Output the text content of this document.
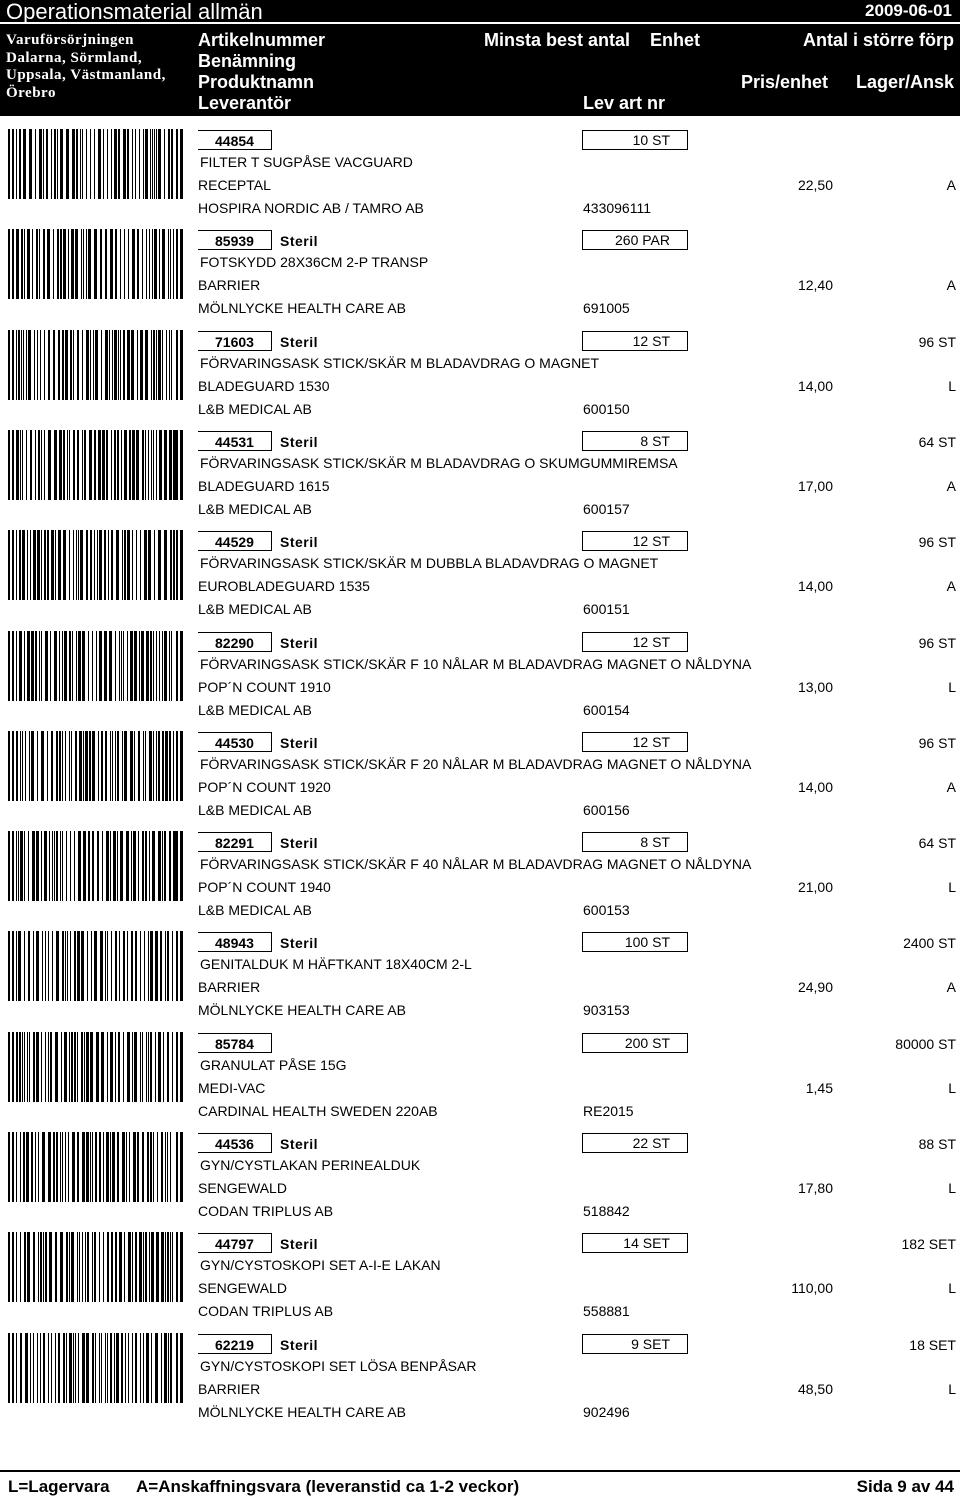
Operationsmaterial allmän	2009-06-01
Varuförsörjningen
Dalarna, Sörmland,
Uppsala, Västmanland,
Örebro
Artikelnummer
Benämning
Produktnamn
Leverantör
Minsta best antal Enhet
Lev art nr
Antal i större förp
Pris/enhet Lager/Ansk
44854	10 ST
FILTER T SUGPÅSE VACGUARD
RECEPTAL	22,50	A
HOSPIRA NORDIC AB / TAMRO AB	433096111
85939	Steril	260 PAR
FOTSKYDD 28X36CM 2-P TRANSP
BARRIER	12,40	A
MÖLNLYCKE HEALTH CARE AB	691005
71603	Steril	12 ST	96 ST
FÖRVARINGSASK STICK/SKÄR M BLADAVDRAG O MAGNET
BLADEGUARD 1530	14,00	L
L&B MEDICAL AB	600150
44531	Steril	8 ST	64 ST
FÖRVARINGSASK STICK/SKÄR M BLADAVDRAG O SKUMGUMMIREMSA
BLADEGUARD 1615	17,00	A
L&B MEDICAL AB	600157
44529	Steril	12 ST	96 ST
FÖRVARINGSASK STICK/SKÄR M DUBBLA BLADAVDRAG O MAGNET
EUROBLADEGUARD 1535	14,00	A
L&B MEDICAL AB	600151
82290	Steril	12 ST	96 ST
FÖRVARINGSASK STICK/SKÄR F 10 NÅLAR M BLADAVDRAG MAGNET O NÅLDYNA
POP´N COUNT 1910	13,00	L
L&B MEDICAL AB	600154
44530	Steril	12 ST	96 ST
FÖRVARINGSASK STICK/SKÄR F 20 NÅLAR M BLADAVDRAG MAGNET O NÅLDYNA
POP´N COUNT 1920	14,00	A
L&B MEDICAL AB	600156
82291	Steril	8 ST	64 ST
FÖRVARINGSASK STICK/SKÄR F 40 NÅLAR M BLADAVDRAG MAGNET O NÅLDYNA
POP´N COUNT 1940	21,00	L
L&B MEDICAL AB	600153
48943	Steril	100 ST	2400 ST
GENITALDUK M HÄFTKANT 18X40CM 2-L
BARRIER	24,90	A
MÖLNLYCKE HEALTH CARE AB	903153
85784	200 ST	80000 ST
GRANULAT PÅSE 15G
MEDI-VAC	1,45	L
CARDINAL HEALTH SWEDEN 220AB	RE2015
44536	Steril	22 ST	88 ST
GYN/CYSTLAKAN PERINEALDUK
SENGEWALD	17,80	L
CODAN TRIPLUS AB	518842
44797	Steril	14 SET	182 SET
GYN/CYSTOSKOPI SET A-I-E LAKAN
SENGEWALD	110,00	L
CODAN TRIPLUS AB	558881
62219	Steril	9 SET	18 SET
GYN/CYSTOSKOPI SET LÖSA BENPÅSAR
BARRIER	48,50	L
MÖLNLYCKE HEALTH CARE AB	902496
L=Lagervara A=Anskaffningsvara (leveranstid ca 1-2 veckor)	Sida 9 av 44
